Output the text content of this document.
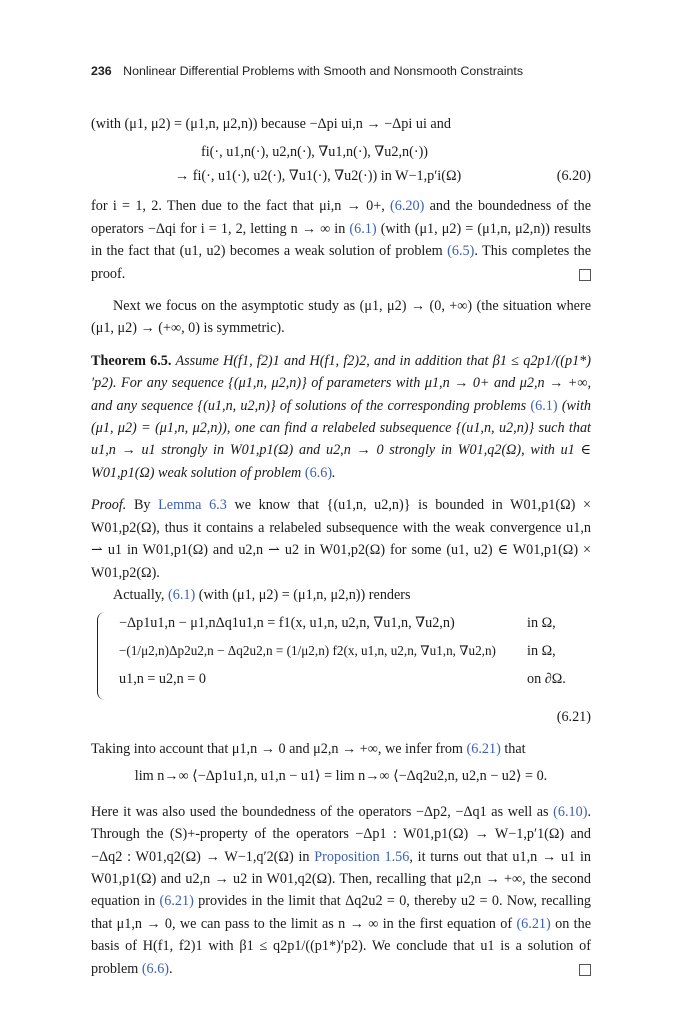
236 Nonlinear Differential Problems with Smooth and Nonsmooth Constraints

(with (μ1, μ2) = (μ1,n, μ2,n)) because −Δpi ui,n → −Δpi ui and

fi(·, u1,n(·), u2,n(·), ∇u1,n(·), ∇u2,n(·))
→ fi(·, u1(·), u2(·), ∇u1(·), ∇u2(·)) in W−1,p′i(Ω)	(6.20)

for i = 1, 2. Then due to the fact that μi,n → 0+, (6.20) and the boundedness of the operators −Δqi for i = 1, 2, letting n → ∞ in (6.1) (with (μ1, μ2) = (μ1,n, μ2,n)) results in the fact that (u1, u2) becomes a weak solution of problem (6.5). This completes the proof.

Next we focus on the asymptotic study as (μ1, μ2) → (0, +∞) (the situation where (μ1, μ2) → (+∞, 0) is symmetric).

Theorem 6.5. Assume H(f1, f2)1 and H(f1, f2)2, and in addition that β1 ≤ q2p1/((p1*)′p2). For any sequence {(μ1,n, μ2,n)} of parameters with μ1,n → 0+ and μ2,n → +∞, and any sequence {(u1,n, u2,n)} of solutions of the corresponding problems (6.1) (with (μ1, μ2) = (μ1,n, μ2,n)), one can find a relabeled subsequence {(u1,n, u2,n)} such that u1,n → u1 strongly in W01,p1(Ω) and u2,n → 0 strongly in W01,q2(Ω), with u1 ∈ W01,p1(Ω) weak solution of problem (6.6).

Proof. By Lemma 6.3 we know that {(u1,n, u2,n)} is bounded in W01,p1(Ω) × W01,p2(Ω), thus it contains a relabeled subsequence with the weak convergence u1,n ⇀ u1 in W01,p1(Ω) and u2,n ⇀ u2 in W01,p2(Ω) for some (u1, u2) ∈ W01,p1(Ω) × W01,p2(Ω).

Actually, (6.1) (with (μ1, μ2) = (μ1,n, μ2,n)) renders

−Δp1u1,n − μ1,nΔq1u1,n = f1(x, u1,n, u2,n, ∇u1,n, ∇u2,n)	in Ω,
−(1/μ2,n)Δp2u2,n − Δq2u2,n = (1/μ2,n) f2(x, u1,n, u2,n, ∇u1,n, ∇u2,n) in Ω,
u1,n = u2,n = 0	on ∂Ω.
(6.21)

Taking into account that μ1,n → 0 and μ2,n → +∞, we infer from (6.21) that

lim n→∞ ⟨−Δp1u1,n, u1,n − u1⟩ = lim n→∞ ⟨−Δq2u2,n, u2,n − u2⟩ = 0.

Here it was also used the boundedness of the operators −Δp2, −Δq1 as well as (6.10). Through the (S)+-property of the operators −Δp1 : W01,p1(Ω) → W−1,p′1(Ω) and −Δq2 : W01,q2(Ω) → W−1,q′2(Ω) in Proposition 1.56, it turns out that u1,n → u1 in W01,p1(Ω) and u2,n → u2 in W01,q2(Ω). Then, recalling that μ2,n → +∞, the second equation in (6.21) provides in the limit that Δq2u2 = 0, thereby u2 = 0. Now, recalling that μ1,n → 0, we can pass to the limit as n → ∞ in the first equation of (6.21) on the basis of H(f1, f2)1 with β1 ≤ q2p1/((p1*)′p2). We conclude that u1 is a solution of problem (6.6).
